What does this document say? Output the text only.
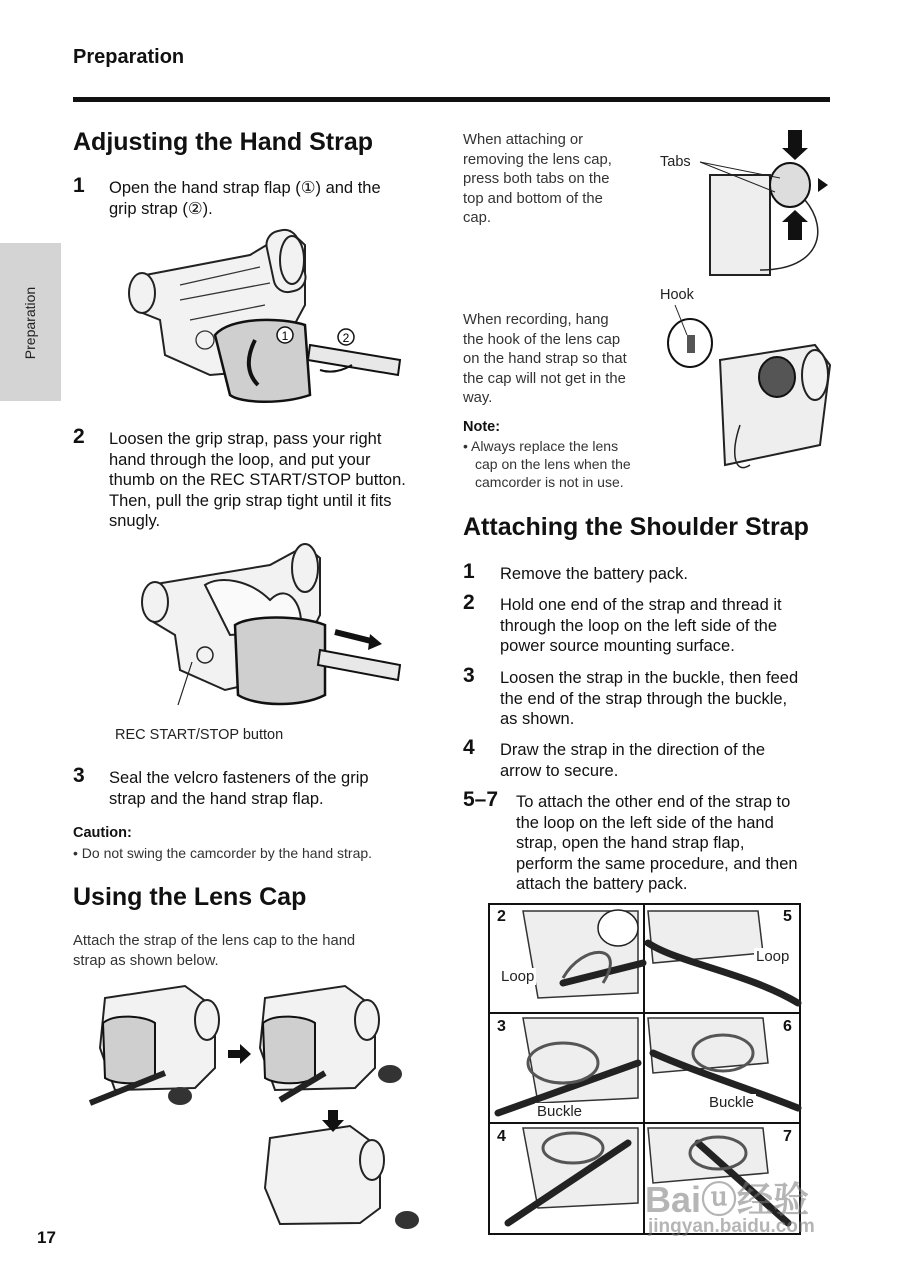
Preparation
Preparation
Adjusting the Hand Strap
1 Open the hand strap flap (①) and the
grip strap (②).
1	2
2 Loosen the grip strap, pass your right
hand through the loop, and put your
thumb on the REC START/STOP button.
Then, pull the grip strap tight until it fits
snugly.
REC START/STOP button
3 Seal the velcro fasteners of the grip
strap and the hand strap flap.
Caution:
• Do not swing the camcorder by the hand strap.
Using the Lens Cap
Attach the strap of the lens cap to the hand
strap as shown below.
When attaching or
removing the lens cap,
press both tabs on the
top and bottom of the
cap.
Tabs
Hook
When recording, hang
the hook of the lens cap
on the hand strap so that
the cap will not get in the
way.
Note:
• Always replace the lens
cap on the lens when the
camcorder is not in use.
Attaching the Shoulder Strap
1 Remove the battery pack.
2 Hold one end of the strap and thread it
through the loop on the left side of the
power source mounting surface.
3 Loosen the strap in the buckle, then feed
the end of the strap through the buckle,
as shown.
4 Draw the strap in the direction of the
arrow to secure.
5–7 To attach the other end of the strap to
the loop on the left side of the hand
strap, open the hand strap flap,
perform the same procedure, and then
attach the battery pack.
2	5
3	6
4	7
Loop
Loop
Buckle
Buckle
Baiⓤ经验
jingyan.baidu.com
17
